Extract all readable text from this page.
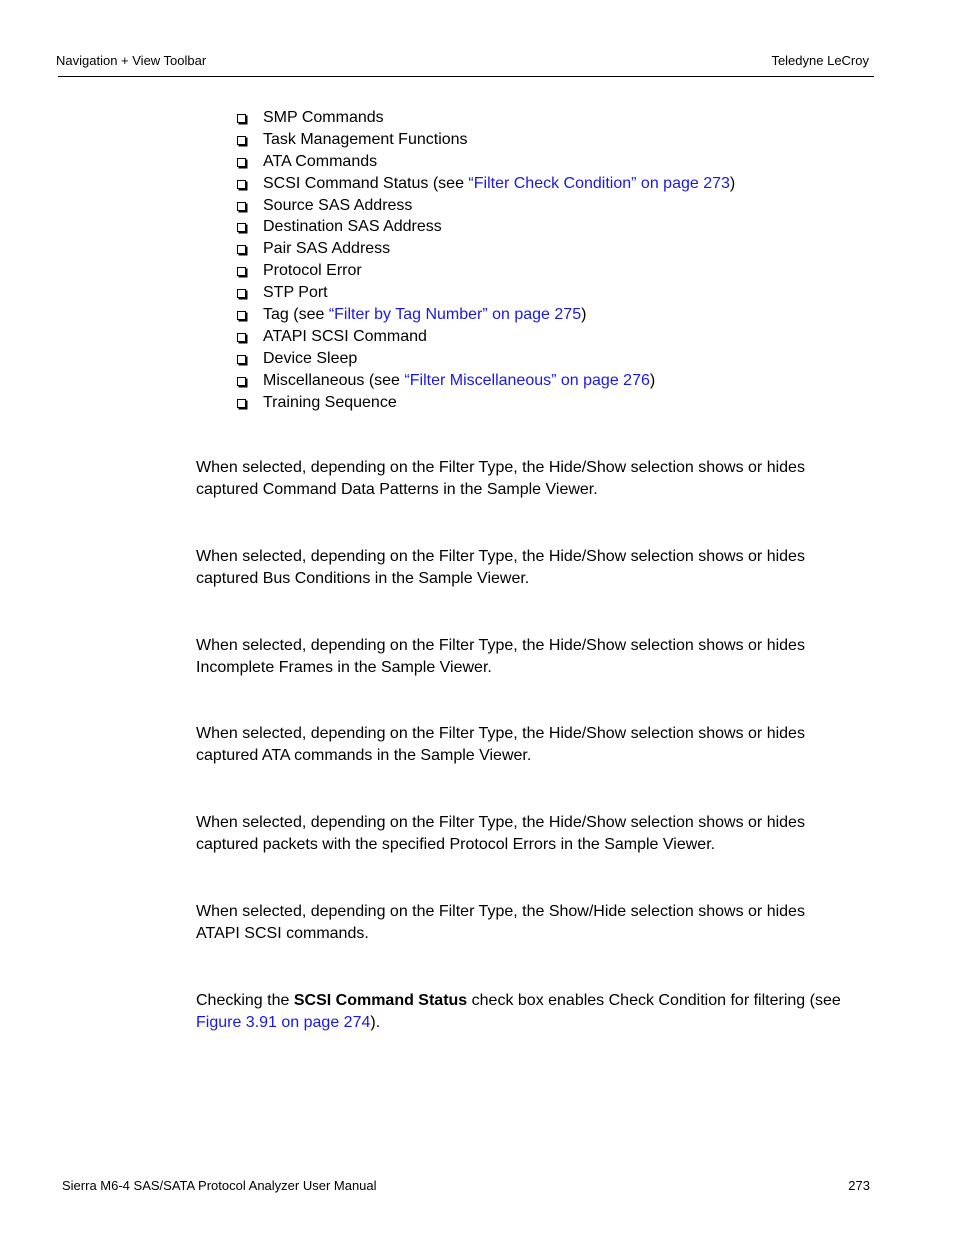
Navigation + View Toolbar	Teledyne LeCroy
SMP Commands
Task Management Functions
ATA Commands
SCSI Command Status (see “Filter Check Condition” on page 273)
Source SAS Address
Destination SAS Address
Pair SAS Address
Protocol Error
STP Port
Tag (see “Filter by Tag Number” on page 275)
ATAPI SCSI Command
Device Sleep
Miscellaneous (see “Filter Miscellaneous” on page 276)
Training Sequence

When selected, depending on the Filter Type, the Hide/Show selection shows or hides
captured Command Data Patterns in the Sample Viewer.

When selected, depending on the Filter Type, the Hide/Show selection shows or hides
captured Bus Conditions in the Sample Viewer.

When selected, depending on the Filter Type, the Hide/Show selection shows or hides
Incomplete Frames in the Sample Viewer.

When selected, depending on the Filter Type, the Hide/Show selection shows or hides
captured ATA commands in the Sample Viewer.

When selected, depending on the Filter Type, the Hide/Show selection shows or hides
captured packets with the specified Protocol Errors in the Sample Viewer.

When selected, depending on the Filter Type, the Show/Hide selection shows or hides
ATAPI SCSI commands.

Checking the SCSI Command Status check box enables Check Condition for filtering (see
Figure 3.91 on page 274).

Sierra M6-4 SAS/SATA Protocol Analyzer User Manual	273
